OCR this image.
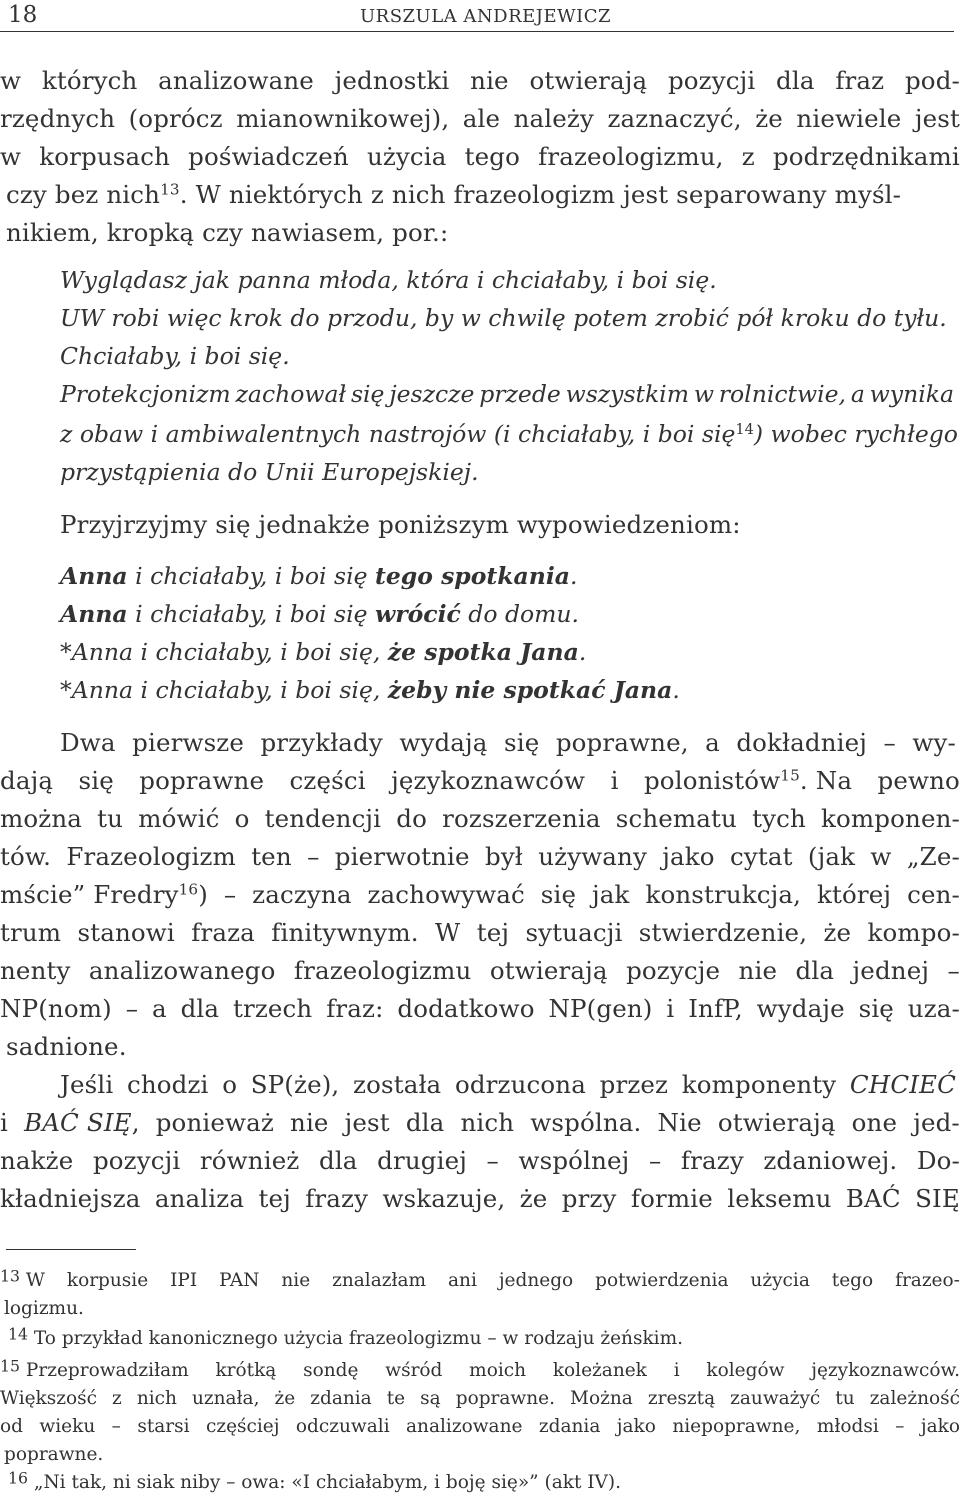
18	URSZULA ANDREJEWICZ
w których analizowane jednostki nie otwierają pozycji dla fraz pod-
rzędnych (oprócz mianownikowej), ale należy zaznaczyć, że niewiele jest
w korpusach poświadczeń użycia tego frazeologizmu, z podrzędnikami
czy bez nich$^{13}$. W niektórych z nich frazeologizm jest separowany myśl-
nikiem, kropką czy nawiasem, por.:
Wyglądasz jak panna młoda, która i chciałaby, i boi się.
UW robi więc krok do przodu, by w chwilę potem zrobić pół kroku do tyłu.
Chciałaby, i boi się.
Protekcjonizm zachował się jeszcze przede wszystkim w rolnictwie, a wynika
z obaw i ambiwalentnych nastrojów (i chciałaby, i boi się$^{14}$) wobec rychłego
przystąpienia do Unii Europejskiej.
Przyjrzyjmy się jednakże poniższym wypowiedzeniom:
Anna i chciałaby, i boi się tego spotkania.
Anna i chciałaby, i boi się wrócić do domu.
*Anna i chciałaby, i boi się, że spotka Jana.
*Anna i chciałaby, i boi się, żeby nie spotkać Jana.
Dwa pierwsze przykłady wydają się poprawne, a dokładniej – wy-
dają się poprawne części językoznawców i polonistów$^{15}$. Na pewno
można tu mówić o tendencji do rozszerzenia schematu tych komponen-
tów. Frazeologizm ten – pierwotnie był używany jako cytat (jak w „Ze-
mście” Fredry$^{16}$) – zaczyna zachowywać się jak konstrukcja, której cen-
trum stanowi fraza finitywnym. W tej sytuacji stwierdzenie, że kompo-
nenty analizowanego frazeologizmu otwierają pozycje nie dla jednej –
NP(nom) – a dla trzech fraz: dodatkowo NP(gen) i InfP, wydaje się uza-
sadnione.
Jeśli chodzi o SP(że), została odrzucona przez komponenty CHCIEĆ
i BAĆ SIĘ, ponieważ nie jest dla nich wspólna. Nie otwierają one jed-
nakże pozycji również dla drugiej – wspólnej – frazy zdaniowej. Do-
kładniejsza analiza tej frazy wskazuje, że przy formie leksemu BAĆ SIĘ
$^{13}$ W korpusie IPI PAN nie znalazłam ani jednego potwierdzenia użycia tego frazeo-
logizmu.
$^{14}$ To przykład kanonicznego użycia frazeologizmu – w rodzaju żeńskim.
$^{15}$ Przeprowadziłam krótką sondę wśród moich koleżanek i kolegów językoznawców.
Większość z nich uznała, że zdania te są poprawne. Można zresztą zauważyć tu zależność
od wieku – starsi częściej odczuwali analizowane zdania jako niepoprawne, młodsi – jako
poprawne.
$^{16}$ „Ni tak, ni siak niby – owa: «I chciałabym, i boję się»” (akt IV).
